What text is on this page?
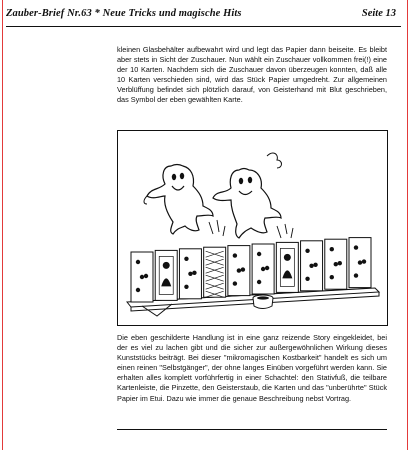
Zauber-Brief Nr.63 * Neue Tricks und magische Hits	Seite 13

kleinen Glasbehälter aufbewahrt wird und legt das Papier dann beiseite. Es bleibt aber stets in Sicht der Zuschauer. Nun wählt ein Zuschauer vollkommen frei(!) eine der 10 Karten. Nachdem sich die Zuschauer davon überzeugen konnten, daß alle 10 Karten verschieden sind, wird das Stück Papier umgedreht. Zur allgemeinen Verblüffung befindet sich plötzlich darauf, von Geisterhand mit Blut geschrieben, das Symbol der eben gewählten Karte.

Die eben geschilderte Handlung ist in eine ganz reizende Story eingekleidet, bei der es viel zu lachen gibt und die sicher zur außergewöhnlichen Wirkung dieses Kunststücks beiträgt. Bei dieser "mikromagischen Kostbarkeit" handelt es sich um einen reinen "Selbstgänger", der ohne langes Einüben vorgeführt werden kann. Sie erhalten alles komplett vorführfertig in einer Schachtel: den Stativfuß, die teilbare Kartenleiste, die Pinzette, den Geisterstaub, die Karten und das "unberührte" Stück Papier im Etui. Dazu wie immer die genaue Beschreibung nebst Vortrag.
